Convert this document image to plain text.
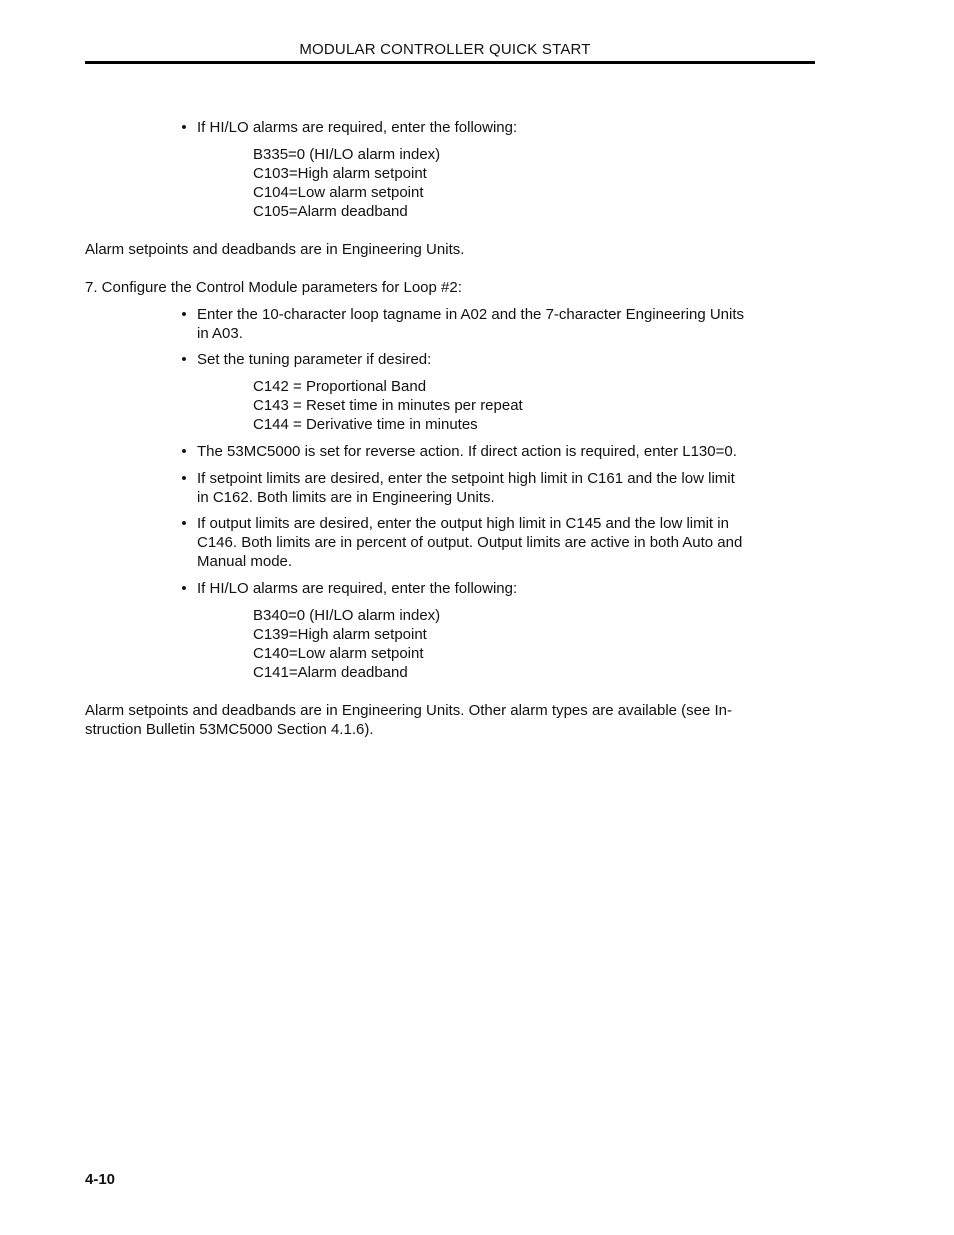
MODULAR CONTROLLER QUICK START
• If HI/LO alarms are required, enter the following:
B335=0 (HI/LO alarm index)
C103=High alarm setpoint
C104=Low alarm setpoint
C105=Alarm deadband
Alarm setpoints and deadbands are in Engineering Units.
7. Configure the Control Module parameters for Loop #2:
• Enter the 10-character loop tagname in A02 and the 7-character Engineering Units
in A03.
• Set the tuning parameter if desired:
C142 = Proportional Band
C143 = Reset time in minutes per repeat
C144 = Derivative time in minutes
• The 53MC5000 is set for reverse action. If direct action is required, enter L130=0.
• If setpoint limits are desired, enter the setpoint high limit in C161 and the low limit
in C162. Both limits are in Engineering Units.
• If output limits are desired, enter the output high limit in C145 and the low limit in
C146. Both limits are in percent of output. Output limits are active in both Auto and
Manual mode.
• If HI/LO alarms are required, enter the following:
B340=0 (HI/LO alarm index)
C139=High alarm setpoint
C140=Low alarm setpoint
C141=Alarm deadband
Alarm setpoints and deadbands are in Engineering Units. Other alarm types are available (see In-
struction Bulletin 53MC5000 Section 4.1.6).
4-10
